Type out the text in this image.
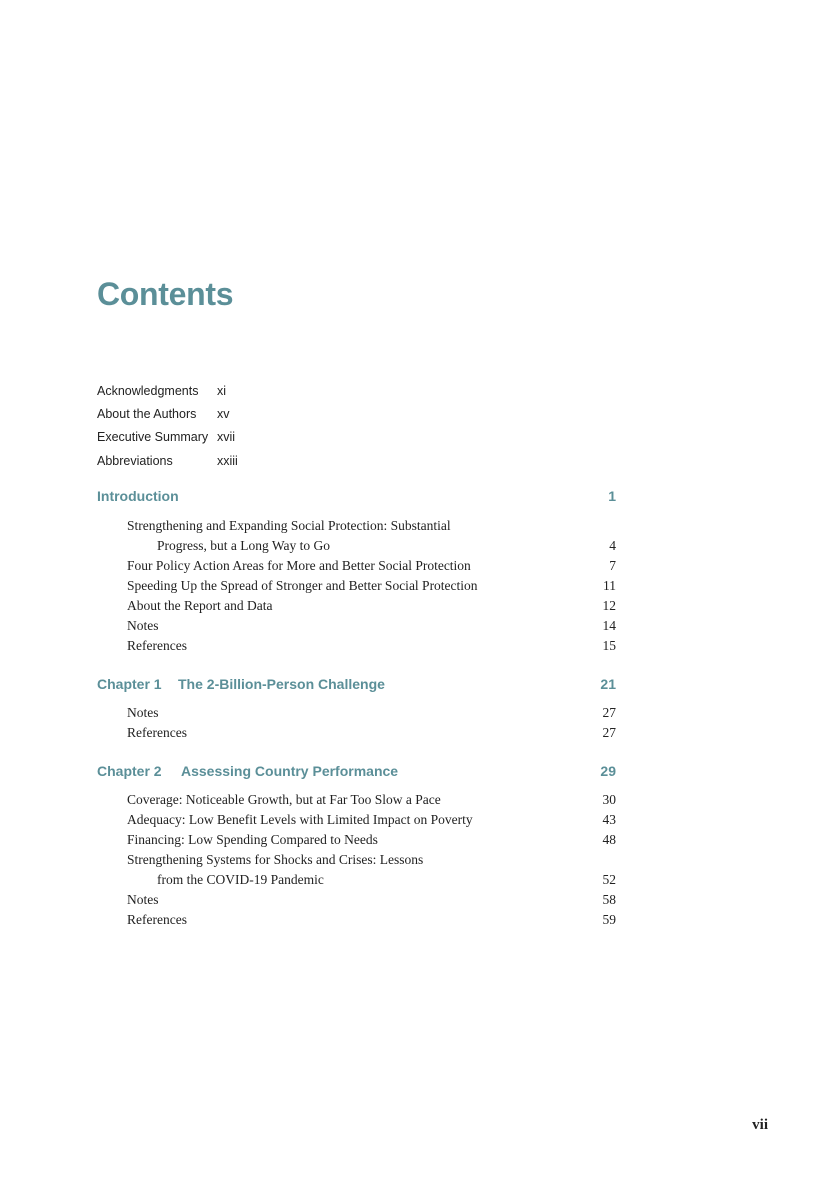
Contents
Acknowledgments	xi
About the Authors	xv
Executive Summary xvii
Abbreviations	xxiii
Introduction	1
Strengthening and Expanding Social Protection: Substantial
Progress, but a Long Way to Go	4
Four Policy Action Areas for More and Better Social Protection	7
Speeding Up the Spread of Stronger and Better Social Protection	11
About the Report and Data	12
Notes	14
References	15
Chapter 1 The 2-Billion-Person Challenge	21
Notes	27
References	27
Chapter 2 Assessing Country Performance	29
Coverage: Noticeable Growth, but at Far Too Slow a Pace	30
Adequacy: Low Benefit Levels with Limited Impact on Poverty	43
Financing: Low Spending Compared to Needs	48
Strengthening Systems for Shocks and Crises: Lessons
from the COVID-19 Pandemic	52
Notes	58
References	59
vii
